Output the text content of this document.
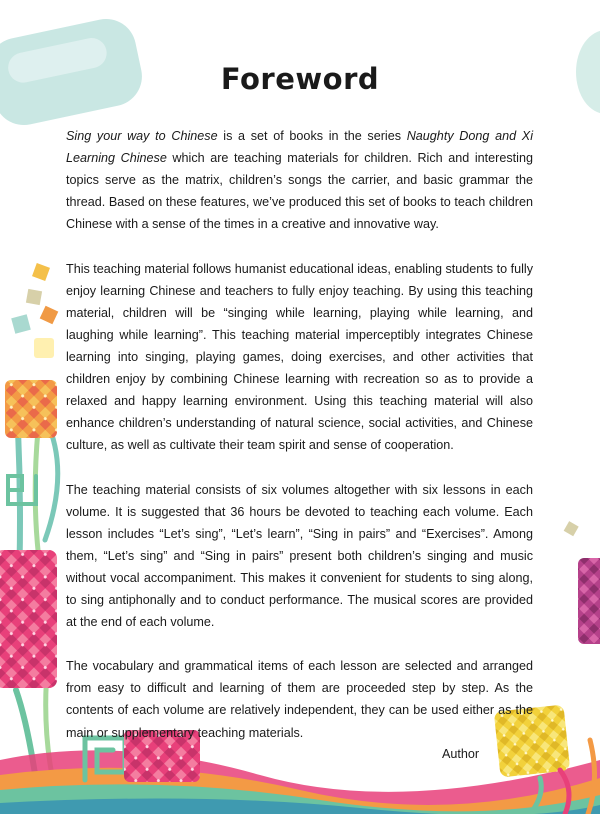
Foreword

Sing your way to Chinese is a set of books in the series Naughty Dong and Xi Learning Chinese which are teaching materials for children. Rich and interesting topics serve as the matrix, children’s songs the carrier, and basic grammar the thread. Based on these features, we’ve produced this set of books to teach children Chinese with a sense of the times in a creative and innovative way.

This teaching material follows humanist educational ideas, enabling students to fully enjoy learning Chinese and teachers to fully enjoy teaching. By using this teaching material, children will be “singing while learning, playing while learning, and laughing while learning”. This teaching material imperceptibly integrates Chinese learning into singing, playing games, doing exercises, and other activities that children enjoy by combining Chinese learning with recreation so as to provide a relaxed and happy learning environment. Using this teaching material will also enhance children’s understanding of natural science, social activities, and Chinese culture, as well as cultivate their team spirit and sense of cooperation.

The teaching material consists of six volumes altogether with six lessons in each volume. It is suggested that 36 hours be devoted to teaching each volume. Each lesson includes “Let’s sing”, “Let’s learn”, “Sing in pairs” and “Exercises”. Among them, “Let’s sing” and “Sing in pairs” present both children’s singing and music without vocal accompaniment. This makes it convenient for students to sing along, to sing antiphonally and to conduct performance. The musical scores are provided at the end of each volume.

The vocabulary and grammatical items of each lesson are selected and arranged from easy to difficult and learning of them are proceeded step by step. As the contents of each volume are relatively independent, they can be used either as the main or supplementary teaching materials.

Author
